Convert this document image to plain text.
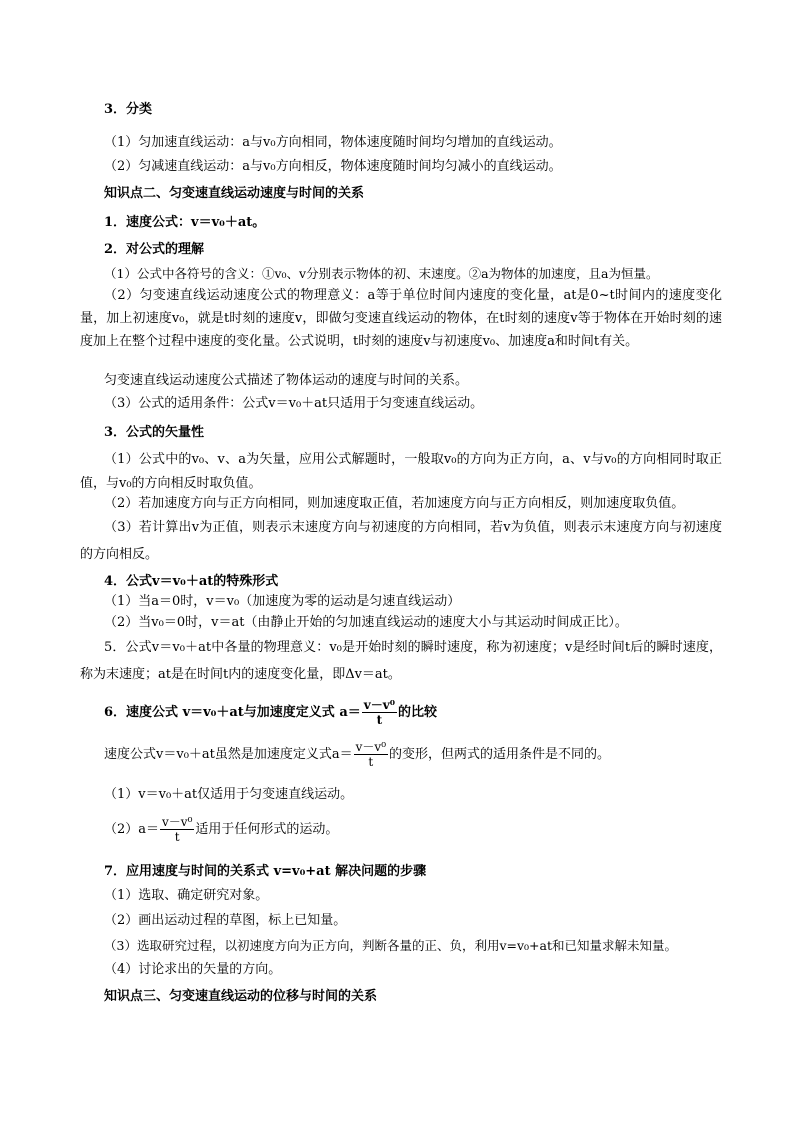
3．分类
（1）匀加速直线运动：a与v₀方向相同，物体速度随时间均匀增加的直线运动。
（2）匀减速直线运动：a与v₀方向相反，物体速度随时间均匀减小的直线运动。
知识点二、匀变速直线运动速度与时间的关系
1．速度公式：v＝v₀＋at。
2．对公式的理解
（1）公式中各符号的含义：①v₀、v分别表示物体的初、末速度。②a为物体的加速度，且a为恒量。
（2）匀变速直线运动速度公式的物理意义：a等于单位时间内速度的变化量，at是0~t时间内的速度变化量，加上初速度v₀，就是t时刻的速度v，即做匀变速直线运动的物体，在t时刻的速度v等于物体在开始时刻的速度加上在整个过程中速度的变化量。公式说明，t时刻的速度v与初速度v₀、加速度a和时间t有关。
匀变速直线运动速度公式描述了物体运动的速度与时间的关系。
（3）公式的适用条件：公式v＝v₀＋at只适用于匀变速直线运动。
3．公式的矢量性
（1）公式中的v₀、v、a为矢量，应用公式解题时，一般取v₀的方向为正方向，a、v与v₀的方向相同时取正值，与v₀的方向相反时取负值。
（2）若加速度方向与正方向相同，则加速度取正值，若加速度方向与正方向相反，则加速度取负值。
（3）若计算出v为正值，则表示末速度方向与初速度的方向相同，若v为负值，则表示末速度方向与初速度的方向相反。
4．公式v＝v₀＋at的特殊形式
（1）当a＝0时，v＝v₀（加速度为零的运动是匀速直线运动）
（2）当v₀＝0时，v＝at（由静止开始的匀加速直线运动的速度大小与其运动时间成正比）。
5．公式v＝v₀＋at中各量的物理意义：v₀是开始时刻的瞬时速度，称为初速度；v是经时间t后的瞬时速度，称为末速度；at是在时间t内的速度变化量，即Δv＝at。
6．速度公式 v＝v₀＋at与加速度定义式 $a= \frac{\text{v－v⁰}}{t}$ 的比较
速度公式v＝v₀＋at虽然是加速度定义式$a= \frac{\text{v－v⁰}}{t}$ 的变形，但两式的适用条件是不同的。
（1）v＝v₀＋at仅适用于匀变速直线运动。
$(2)a= \frac{\text{v－v⁰}}{t}$ 适用于任何形式的运动。
7．应用速度与时间的关系式 v=v₀+at 解决问题的步骤
（1）选取、确定研究对象。
（2）画出运动过程的草图，标上已知量。
（3）选取研究过程，以初速度方向为正方向，判断各量的正、负，利用v=v₀+at和已知量求解未知量。
（4）讨论求出的矢量的方向。
知识点三、匀变速直线运动的位移与时间的关系
